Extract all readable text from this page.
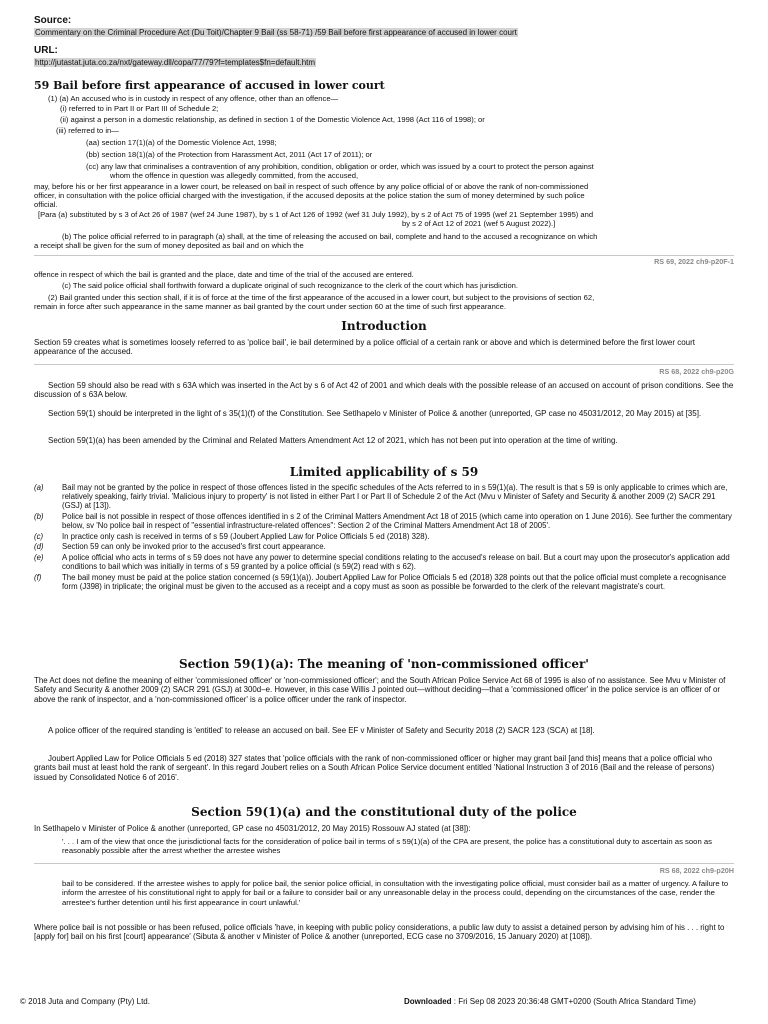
Source:
Commentary on the Criminal Procedure Act (Du Toit)/Chapter 9 Bail (ss 58-71) /59 Bail before first appearance of accused in lower court
URL:
http://jutastat.juta.co.za/nxt/gateway.dll/copa/77/79?f=templates$fn=default.htm
59 Bail before first appearance of accused in lower court
(1) (a) An accused who is in custody in respect of any offence, other than an offence—
(i) referred to in Part II or Part III of Schedule 2;
(ii) against a person in a domestic relationship, as defined in section 1 of the Domestic Violence Act, 1998 (Act 116 of 1998); or
(iii) referred to in—
(aa) section 17(1)(a) of the Domestic Violence Act, 1998;
(bb) section 18(1)(a) of the Protection from Harassment Act, 2011 (Act 17 of 2011); or
(cc) any law that criminalises a contravention of any prohibition, condition, obligation or order, which was issued by a court to protect the person against
whom the offence in question was allegedly committed, from the accused,
may, before his or her first appearance in a lower court, be released on bail in respect of such offence by any police official of or above the rank of non-commissioned
officer, in consultation with the police official charged with the investigation, if the accused deposits at the police station the sum of money determined by such police
official.
[Para (a) substituted by s 3 of Act 26 of 1987 (wef 24 June 1987), by s 1 of Act 126 of 1992 (wef 31 July 1992), by s 2 of Act 75 of 1995 (wef 21 September 1995) and
by s 2 of Act 12 of 2021 (wef 5 August 2022).]
(b) The police official referred to in paragraph (a) shall, at the time of releasing the accused on bail, complete and hand to the accused a recognizance on which
a receipt shall be given for the sum of money deposited as bail and on which the
RS 69, 2022 ch9-p20F-1
offence in respect of which the bail is granted and the place, date and time of the trial of the accused are entered.
(c) The said police official shall forthwith forward a duplicate original of such recognizance to the clerk of the court which has jurisdiction.
(2) Bail granted under this section shall, if it is of force at the time of the first appearance of the accused in a lower court, but subject to the provisions of section 62,
remain in force after such appearance in the same manner as bail granted by the court under section 60 at the time of such first appearance.
Introduction
Section 59 creates what is sometimes loosely referred to as 'police bail', ie bail determined by a police official of a certain rank or above and which is determined before the first lower court appearance of the accused.
RS 68, 2022 ch9-p20G
Section 59 should also be read with s 63A which was inserted in the Act by s 6 of Act 42 of 2001 and which deals with the possible release of an accused on account of prison conditions. See the discussion of s 63A below.
Section 59(1) should be interpreted in the light of s 35(1)(f) of the Constitution. See Setlhapelo v Minister of Police & another (unreported, GP case no 45031/2012, 20 May 2015) at [35].
Section 59(1)(a) has been amended by the Criminal and Related Matters Amendment Act 12 of 2021, which has not been put into operation at the time of writing.
Limited applicability of s 59
(a)	Bail may not be granted by the police in respect of those offences listed in the specific schedules of the Acts referred to in s 59(1)(a). The result is that s 59 is only applicable to crimes which are, relatively speaking, fairly trivial. 'Malicious injury to property' is not listed in either Part I or Part II of Schedule 2 of the Act (Mvu v Minister of Safety and Security & another 2009 (2) SACR 291 (GSJ) at [13]).
(b)	Police bail is not possible in respect of those offences identified in s 2 of the Criminal Matters Amendment Act 18 of 2015 (which came into operation on 1 June 2016). See further the commentary below, sv 'No police bail in respect of "essential infrastructure-related offences": Section 2 of the Criminal Matters Amendment Act 18 of 2005'.
(c)	In practice only cash is received in terms of s 59 (Joubert Applied Law for Police Officials 5 ed (2018) 328).
(d)	Section 59 can only be invoked prior to the accused's first court appearance.
(e)	A police official who acts in terms of s 59 does not have any power to determine special conditions relating to the accused's release on bail. But a court may upon the prosecutor's application add conditions to bail which was initially in terms of s 59 granted by a police official (s 59(2) read with s 62).
(f)	The bail money must be paid at the police station concerned (s 59(1)(a)). Joubert Applied Law for Police Officials 5 ed (2018) 328 points out that the police official must complete a recognisance form (J398) in triplicate; the original must be given to the accused as a receipt and a copy must as soon as possible be forwarded to the clerk of the relevant magistrate's court.
Section 59(1)(a): The meaning of 'non-commissioned officer'
The Act does not define the meaning of either 'commissioned officer' or 'non-commissioned officer'; and the South African Police Service Act 68 of 1995 is also of no assistance. See Mvu v Minister of Safety and Security & another 2009 (2) SACR 291 (GSJ) at 300d–e. However, in this case Willis J pointed out—without deciding—that a 'commissioned officer' in the police service is an officer of or above the rank of inspector, and a 'non-commissioned officer' is a police officer under the rank of inspector.
A police officer of the required standing is 'entitled' to release an accused on bail. See EF v Minister of Safety and Security 2018 (2) SACR 123 (SCA) at [18].
Joubert Applied Law for Police Officials 5 ed (2018) 327 states that 'police officials with the rank of non-commissioned officer or higher may grant bail [and this] means that a police official who grants bail must at least hold the rank of sergeant'. In this regard Joubert relies on a South African Police Service document entitled 'National Instruction 3 of 2016 (Bail and the release of persons) issued by Consolidated Notice 6 of 2016'.
Section 59(1)(a) and the constitutional duty of the police
In Setlhapelo v Minister of Police & another (unreported, GP case no 45031/2012, 20 May 2015) Rossouw AJ stated (at [38]):
'. . . I am of the view that once the jurisdictional facts for the consideration of police bail in terms of s 59(1)(a) of the CPA are present, the police has a constitutional duty to ascertain as soon as reasonably possible after the arrest whether the arrestee wishes
RS 68, 2022 ch9-p20H
bail to be considered. If the arrestee wishes to apply for police bail, the senior police official, in consultation with the investigating police official, must consider bail as a matter of urgency. A failure to inform the arrestee of his constitutional right to apply for bail or a failure to consider bail or any unreasonable delay in the process could, depending on the circumstances of the case, render the arrestee's further detention until his first appearance in court unlawful.'
Where police bail is not possible or has been refused, police officials 'have, in keeping with public policy considerations, a public law duty to assist a detained person by advising him of his . . . right to [apply for] bail on his first [court] appearance' (Sibuta & another v Minister of Police & another (unreported, ECG case no 3709/2016, 15 January 2020) at [108]).
© 2018 Juta and Company (Pty) Ltd.	Downloaded : Fri Sep 08 2023 20:36:48 GMT+0200 (South Africa Standard Time)
